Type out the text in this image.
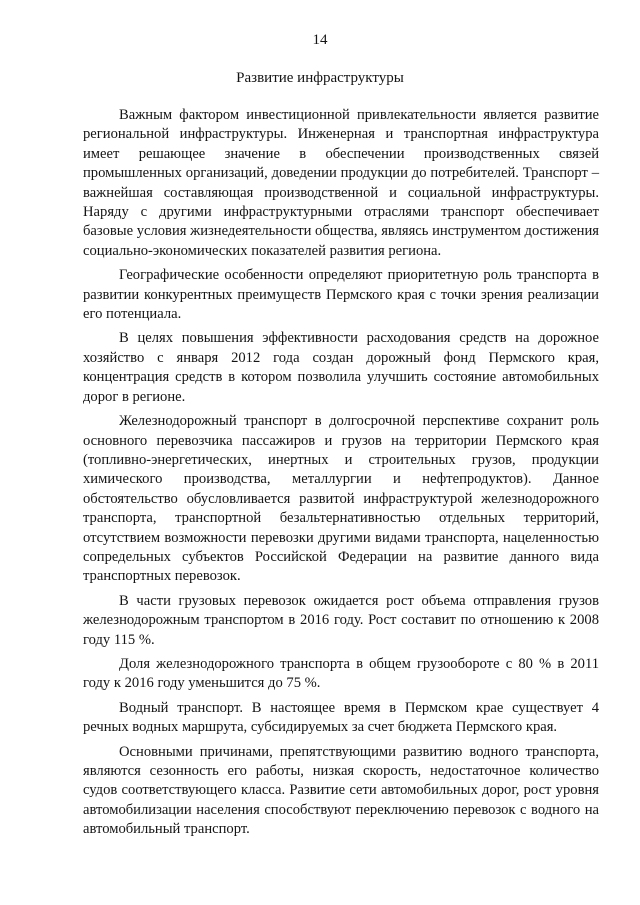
14
Развитие инфраструктуры

Важным фактором инвестиционной привлекательности является развитие региональной инфраструктуры. Инженерная и транспортная инфраструктура имеет решающее значение в обеспечении производственных связей промышленных организаций, доведении продукции до потребителей. Транспорт – важнейшая составляющая производственной и социальной инфраструктуры. Наряду с другими инфраструктурными отраслями транспорт обеспечивает базовые условия жизнедеятельности общества, являясь инструментом достижения социально-экономических показателей развития региона.

Географические особенности определяют приоритетную роль транспорта в развитии конкурентных преимуществ Пермского края с точки зрения реализации его потенциала.

В целях повышения эффективности расходования средств на дорожное хозяйство с января 2012 года создан дорожный фонд Пермского края, концентрация средств в котором позволила улучшить состояние автомобильных дорог в регионе.

Железнодорожный транспорт в долгосрочной перспективе сохранит роль основного перевозчика пассажиров и грузов на территории Пермского края (топливно-энергетических, инертных и строительных грузов, продукции химического производства, металлургии и нефтепродуктов). Данное обстоятельство обусловливается развитой инфраструктурой железнодорожного транспорта, транспортной безальтернативностью отдельных территорий, отсутствием возможности перевозки другими видами транспорта, нацеленностью сопредельных субъектов Российской Федерации на развитие данного вида транспортных перевозок.

В части грузовых перевозок ожидается рост объема отправления грузов железнодорожным транспортом в 2016 году. Рост составит по отношению к 2008 году 115 %.

Доля железнодорожного транспорта в общем грузообороте с 80 % в 2011 году к 2016 году уменьшится до 75 %.

Водный транспорт. В настоящее время в Пермском крае существует 4 речных водных маршрута, субсидируемых за счет бюджета Пермского края.

Основными причинами, препятствующими развитию водного транспорта, являются сезонность его работы, низкая скорость, недостаточное количество судов соответствующего класса. Развитие сети автомобильных дорог, рост уровня автомобилизации населения способствуют переключению перевозок с водного на автомобильный транспорт.
